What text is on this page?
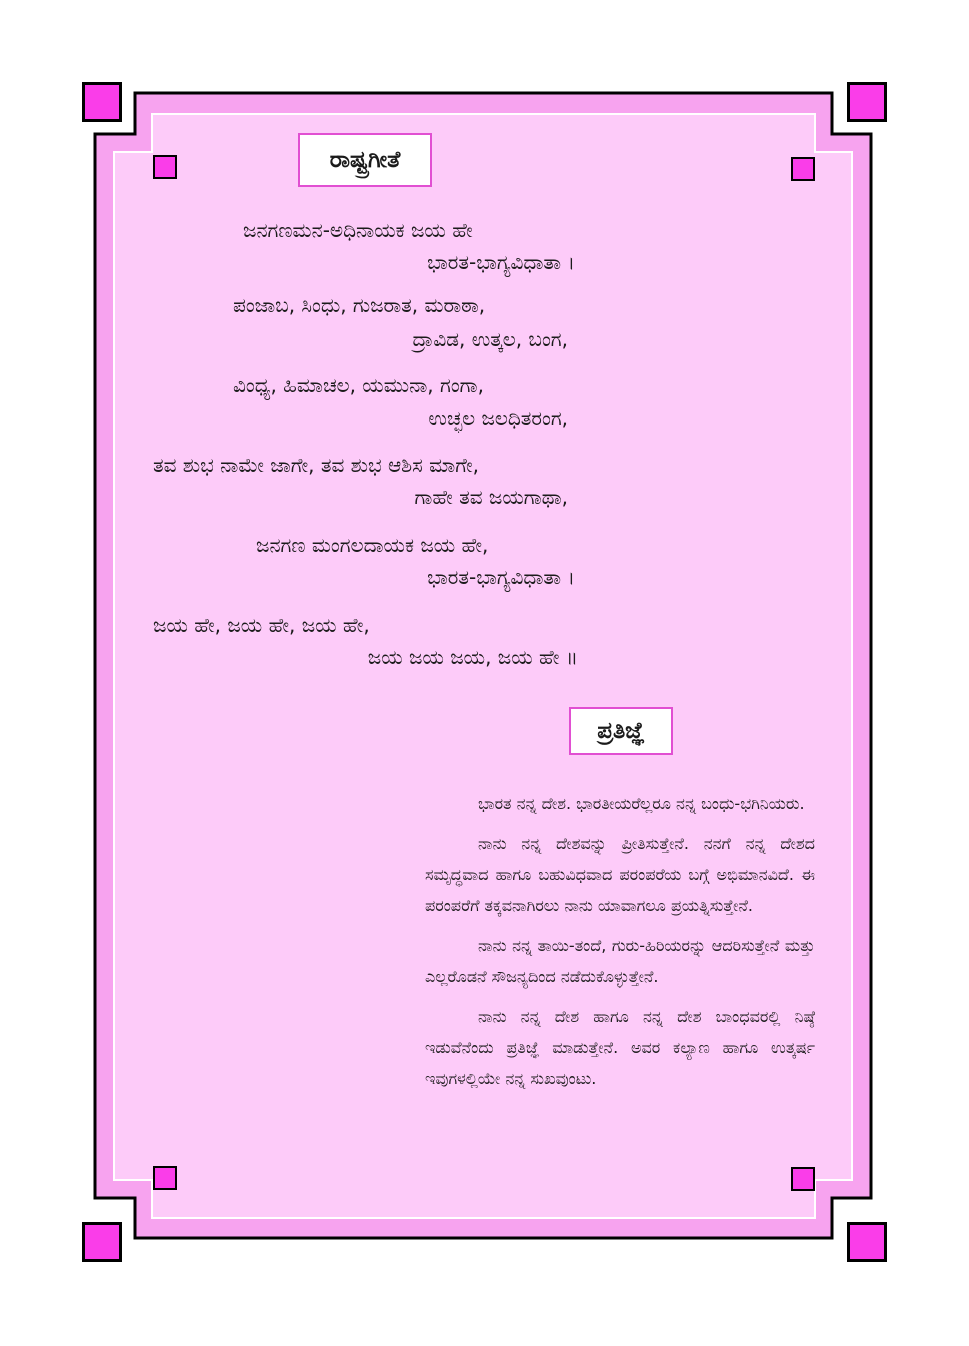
ರಾಷ್ಟ್ರಗೀತೆ
ಜನಗಣಮನ-ಅಧಿನಾಯಕ ಜಯ ಹೇ
ಭಾರತ-ಭಾಗ್ಯವಿಧಾತಾ ।
ಪಂಜಾಬ, ಸಿಂಧು, ಗುಜರಾತ, ಮರಾಠಾ,
ದ್ರಾವಿಡ, ಉತ್ಕಲ, ಬಂಗ,
ವಿಂಧ್ಯ, ಹಿಮಾಚಲ, ಯಮುನಾ, ಗಂಗಾ,
ಉಚ್ಛಲ ಜಲಧಿತರಂಗ,
ತವ ಶುಭ ನಾಮೇ ಜಾಗೇ, ತವ ಶುಭ ಆಶಿಸ ಮಾಗೇ,
ಗಾಹೇ ತವ ಜಯಗಾಥಾ,
ಜನಗಣ ಮಂಗಲದಾಯಕ ಜಯ ಹೇ,
ಭಾರತ-ಭಾಗ್ಯವಿಧಾತಾ ।
ಜಯ ಹೇ, ಜಯ ಹೇ, ಜಯ ಹೇ,
ಜಯ ಜಯ ಜಯ, ಜಯ ಹೇ ॥
ಪ್ರತಿಜ್ಞೆ

ಭಾರತ ನನ್ನ ದೇಶ. ಭಾರತೀಯರೆಲ್ಲರೂ ನನ್ನ ಬಂಧು-ಭಗಿನಿಯರು.

ನಾನು ನನ್ನ ದೇಶವನ್ನು ಪ್ರೀತಿಸುತ್ತೇನೆ. ನನಗೆ ನನ್ನ ದೇಶದ ಸಮೃದ್ಧವಾದ ಹಾಗೂ ಬಹುವಿಧವಾದ ಪರಂಪರೆಯ ಬಗ್ಗೆ ಅಭಿಮಾನವಿದೆ. ಈ ಪರಂಪರೆಗೆ ತಕ್ಕವನಾಗಿರಲು ನಾನು ಯಾವಾಗಲೂ ಪ್ರಯತ್ನಿಸುತ್ತೇನೆ.

ನಾನು ನನ್ನ ತಾಯಿ-ತಂದೆ, ಗುರು-ಹಿರಿಯರನ್ನು ಆದರಿಸುತ್ತೇನೆ ಮತ್ತು ಎಲ್ಲರೊಡನೆ ಸೌಜನ್ಯದಿಂದ ನಡೆದುಕೊಳ್ಳುತ್ತೇನೆ.

ನಾನು ನನ್ನ ದೇಶ ಹಾಗೂ ನನ್ನ ದೇಶ ಬಾಂಧವರಲ್ಲಿ ನಿಷ್ಠೆ ಇಡುವೆನೆಂದು ಪ್ರತಿಜ್ಞೆ ಮಾಡುತ್ತೇನೆ. ಅವರ ಕಲ್ಯಾಣ ಹಾಗೂ ಉತ್ಕರ್ಷ ಇವುಗಳಲ್ಲಿಯೇ ನನ್ನ ಸುಖವುಂಟು.
